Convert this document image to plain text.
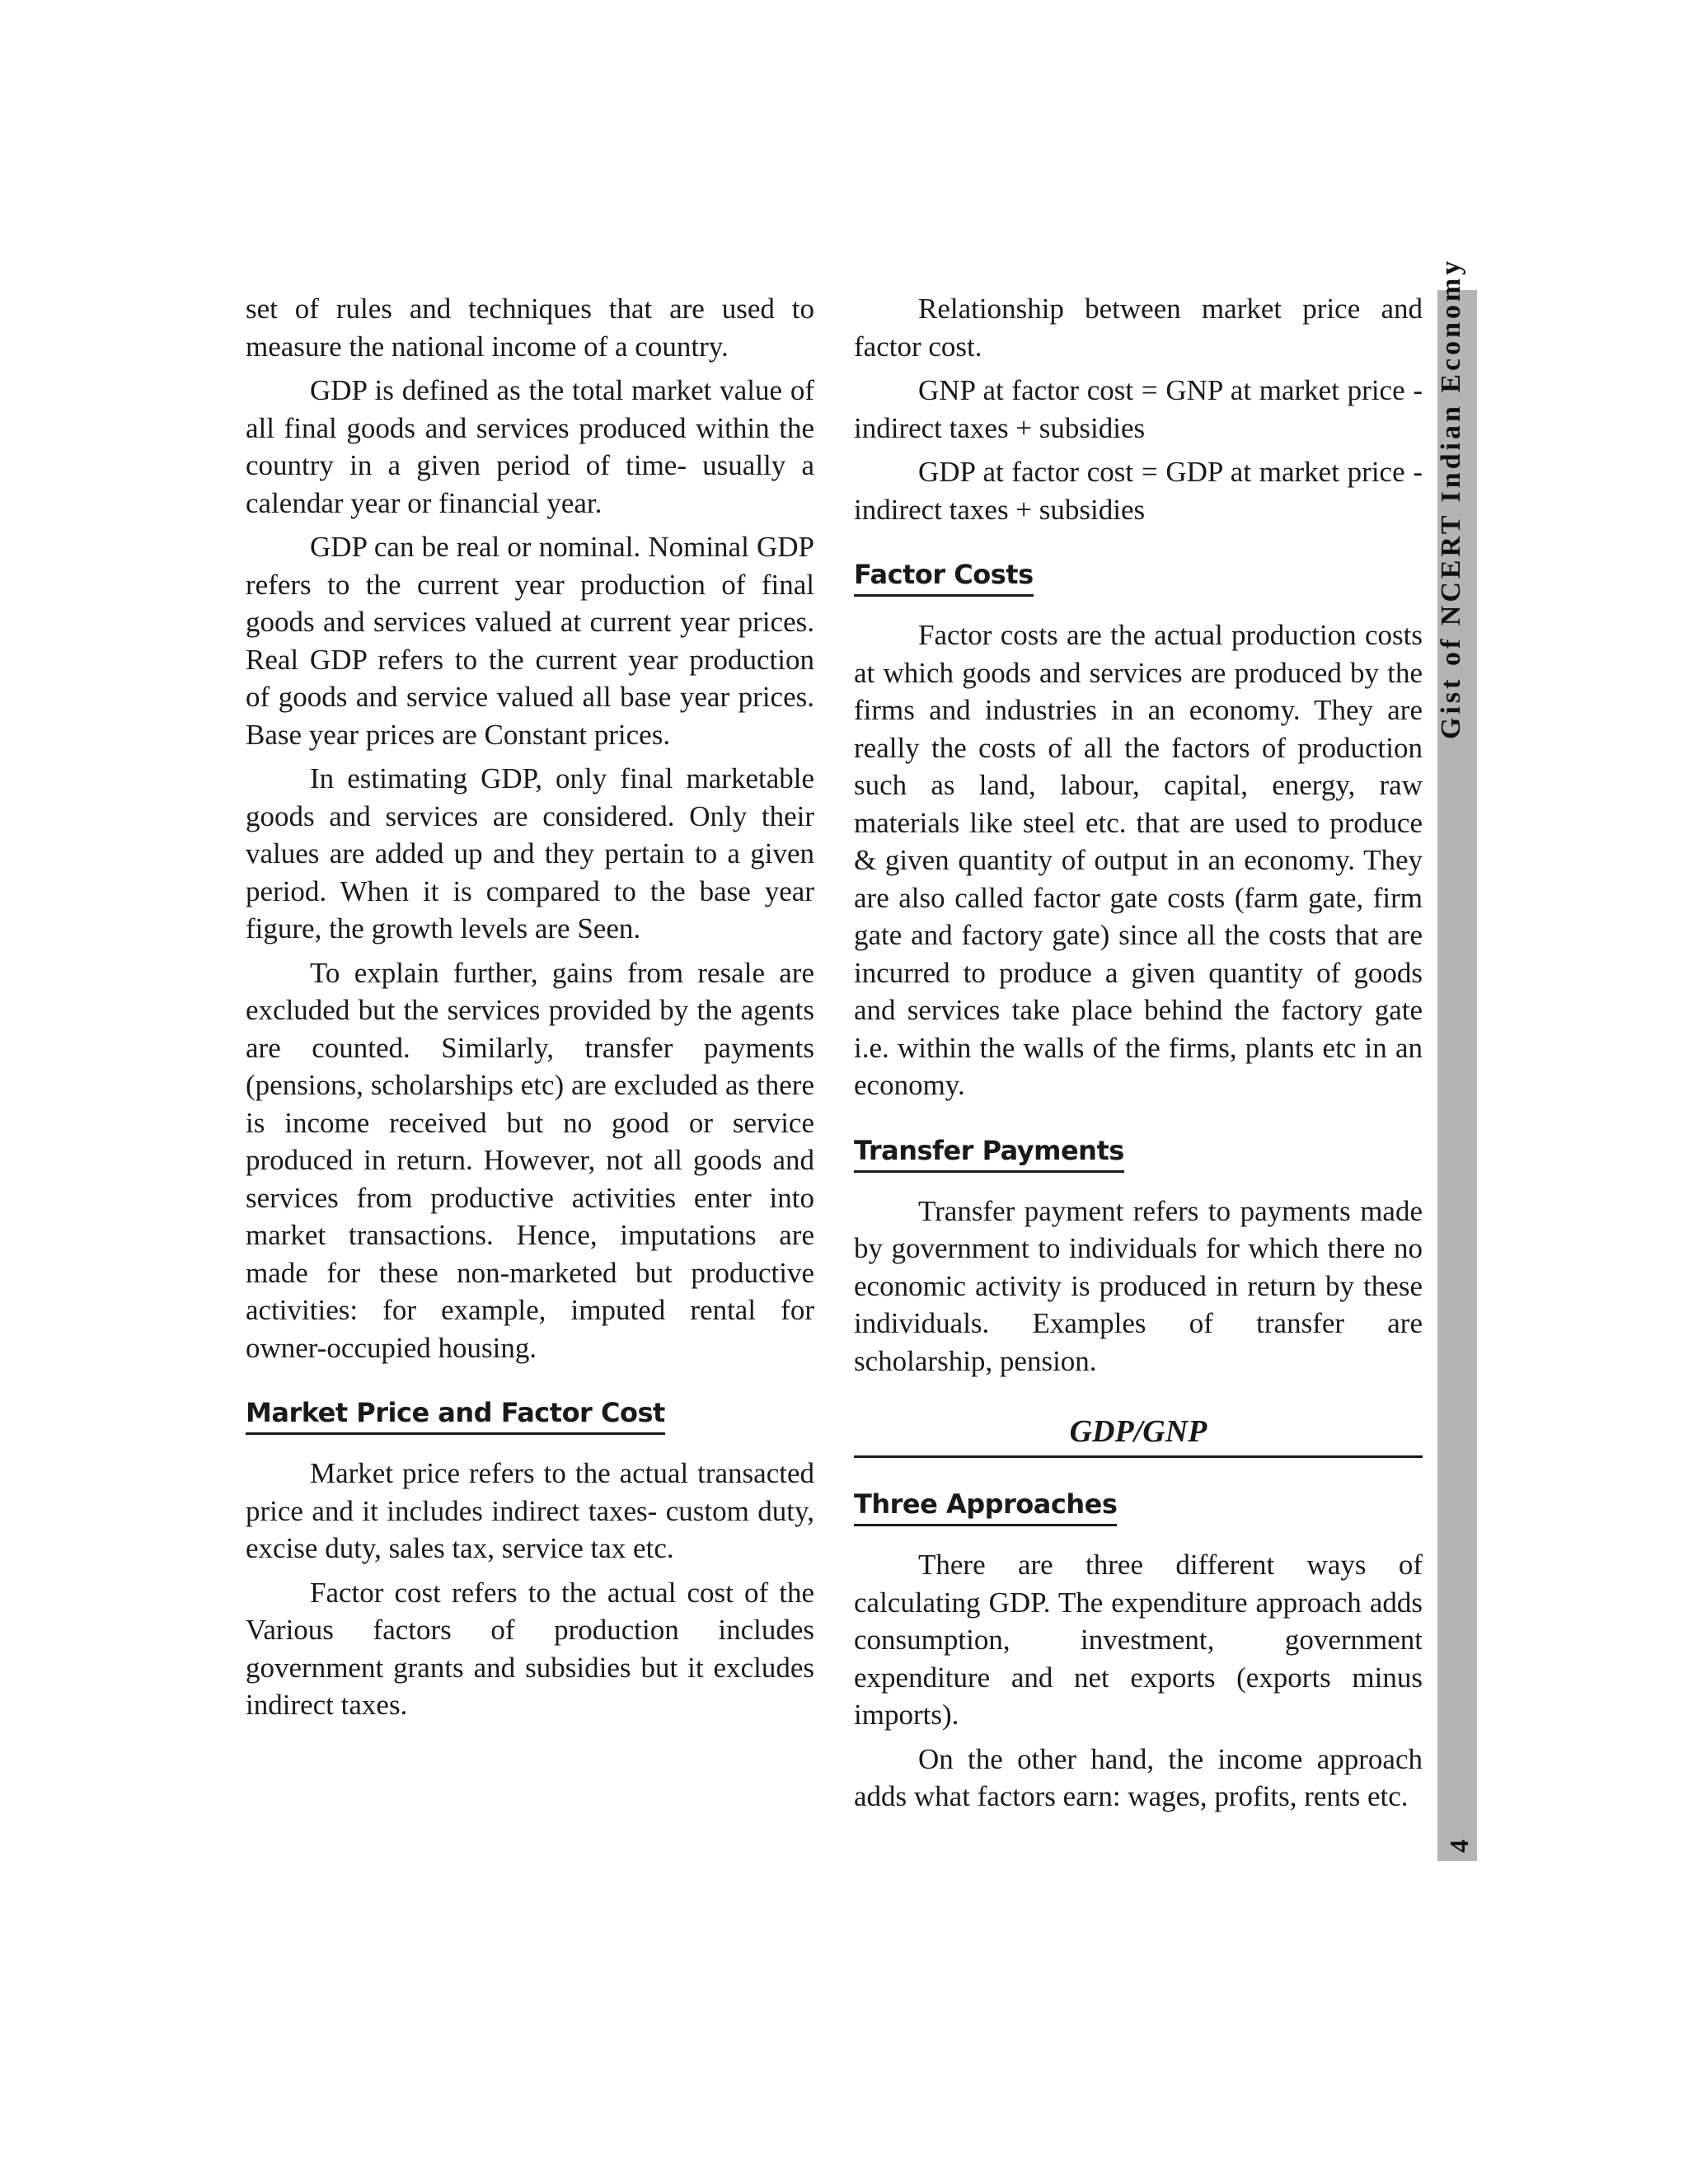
set of rules and techniques that are used to measure the national income of a country.

GDP is defined as the total market value of all final goods and services produced within the country in a given period of time- usually a calendar year or financial year.

GDP can be real or nominal. Nominal GDP refers to the current year production of final goods and services valued at current year prices. Real GDP refers to the current year production of goods and service valued all base year prices. Base year prices are Constant prices.

In estimating GDP, only final marketable goods and services are considered. Only their values are added up and they pertain to a given period. When it is compared to the base year figure, the growth levels are Seen.

To explain further, gains from resale are excluded but the services provided by the agents are counted. Similarly, transfer payments (pensions, scholarships etc) are excluded as there is income received but no good or service produced in return. However, not all goods and services from productive activities enter into market transactions. Hence, imputations are made for these non-marketed but productive activities: for example, imputed rental for owner-occupied housing.

Market Price and Factor Cost

Market price refers to the actual transacted price and it includes indirect taxes- custom duty, excise duty, sales tax, service tax etc.

Factor cost refers to the actual cost of the Various factors of production includes government grants and subsidies but it excludes indirect taxes.

Relationship between market price and factor cost.

GNP at factor cost = GNP at market price - indirect taxes + subsidies

GDP at factor cost = GDP at market price - indirect taxes + subsidies

Factor Costs

Factor costs are the actual production costs at which goods and services are produced by the firms and industries in an economy. They are really the costs of all the factors of production such as land, labour, capital, energy, raw materials like steel etc. that are used to produce & given quantity of output in an economy. They are also called factor gate costs (farm gate, firm gate and factory gate) since all the costs that are incurred to produce a given quantity of goods and services take place behind the factory gate i.e. within the walls of the firms, plants etc in an economy.

Transfer Payments

Transfer payment refers to payments made by government to individuals for which there no economic activity is produced in return by these individuals. Examples of transfer are scholarship, pension.

GDP/GNP
Three Approaches

There are three different ways of calculating GDP. The expenditure approach adds consumption, investment, government expenditure and net exports (exports minus imports).

On the other hand, the income approach adds what factors earn: wages, profits, rents etc.

Gist of NCERT Indian Economy
4
